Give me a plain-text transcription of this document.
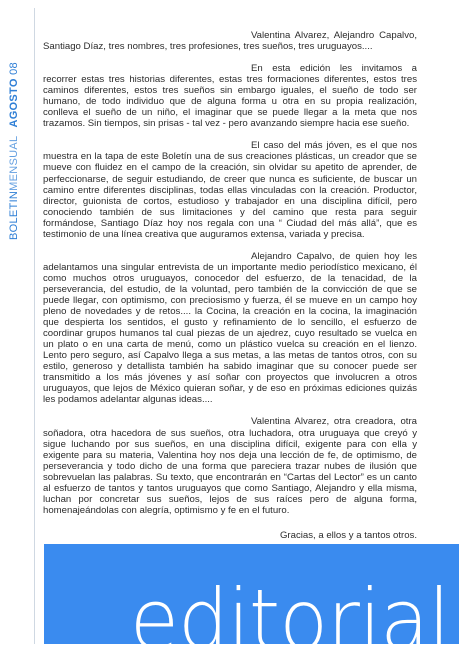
BOLETINMENSUALAGOSTO 08

Valentina Alvarez, Alejandro Capalvo, Santiago Díaz, tres nombres, tres profesiones, tres sueños, tres uruguayos....

En esta edición les invitamos a recorrer estas tres historias diferentes, estas tres formaciones diferentes, estos tres caminos diferentes, estos tres sueños sin embargo iguales, el sueño de todo ser humano, de todo individuo que de alguna forma u otra en su propia realización, conlleva el sueño de un niño, el imaginar que se puede llegar a la meta que nos trazamos. Sin tiempos, sin prisas - tal vez - pero avanzando siempre hacia ese sueño.

El caso del más jóven, es el que nos muestra en la tapa de este Boletín una de sus creaciones plásticas, un creador que se mueve con fluidez en el campo de la creación, sin olvidar su apetito de aprender, de perfeccionarse, de seguir estudiando, de creer que nunca es suficiente, de buscar un camino entre diferentes disciplinas, todas ellas vinculadas con la creación. Productor, director, guionista de cortos, estudioso y trabajador en una disciplina difícil, pero conociendo también de sus limitaciones y del camino que resta para seguir formándose, Santiago Díaz hoy nos regala con una “ Ciudad del más allá”, que es testimonio de una línea creativa que auguramos extensa, variada y precisa.

Alejandro Capalvo, de quien hoy les adelantamos una singular entrevista de un importante medio periodístico mexicano, él como muchos otros uruguayos, conocedor del esfuerzo, de la tenacidad, de la perseverancia, del estudio, de la voluntad, pero también de la convicción de que se puede llegar, con optimismo, con preciosismo y fuerza, él se mueve en un campo hoy pleno de novedades y de retos.... la Cocina, la creación en la cocina, la imaginación que despierta los sentidos, el gusto y refinamiento de lo sencillo, el esfuerzo de coordinar grupos humanos tal cual piezas de un ajedrez, cuyo resultado se vuelca en un plato o en una carta de menú, como un plástico vuelca su creación en el lienzo. Lento pero seguro, así Capalvo llega a sus metas, a las metas de tantos otros, con su estilo, generoso y detallista también ha sabido imaginar que su conocer puede ser transmitido a los más jóvenes y así soñar con proyectos que involucren a otros uruguayos, que lejos de México quieran soñar, y de eso en próximas ediciones quizás les podamos adelantar algunas ideas....

Valentina Alvarez, otra creadora, otra soñadora, otra hacedora de sus sueños, otra luchadora, otra uruguaya que creyó y sigue luchando por sus sueños, en una disciplina difícil, exigente para con ella y exigente para su materia, Valentina hoy nos deja una lección de fe, de optimismo, de perseverancia y todo dicho de una forma que pareciera trazar nubes de ilusión que sobrevuelan las palabras. Su texto, que encontrarán en “Cartas del Lector” es un canto al esfuerzo de tantos y tantos uruguayos que como Santiago, Alejandro y ella misma, luchan por concretar sus sueños, lejos de sus raíces pero de alguna forma, homenajeándolas con alegría, optimismo y fe en el futuro.

Gracias, a ellos y a tantos otros.

editorial
